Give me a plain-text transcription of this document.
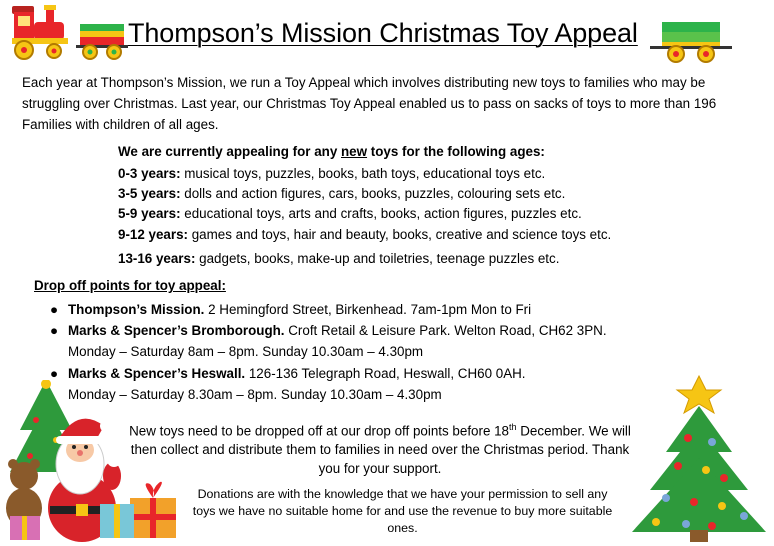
Thompson’s Mission Christmas Toy Appeal
Each year at Thompson’s Mission, we run a Toy Appeal which involves distributing new toys to families who may be struggling over Christmas. Last year, our Christmas Toy Appeal enabled us to pass on sacks of toys to more than 196 Families with children of all ages.
We are currently appealing for any new toys for the following ages:
0-3 years: musical toys, puzzles, books, bath toys, educational toys etc.
3-5 years: dolls and action figures, cars, books, puzzles, colouring sets etc.
5-9 years: educational toys, arts and crafts, books, action figures, puzzles etc.
9-12 years: games and toys, hair and beauty, books, creative and science toys etc.
13-16 years: gadgets, books, make-up and toiletries, teenage puzzles etc.
Drop off points for toy appeal:
● Thompson’s Mission. 2 Hemingford Street, Birkenhead. 7am-1pm Mon to Fri
● Marks & Spencer’s Bromborough. Croft Retail & Leisure Park. Welton Road, CH62 3PN. Monday – Saturday 8am – 8pm. Sunday 10.30am – 4.30pm
● Marks & Spencer’s Heswall. 126-136 Telegraph Road, Heswall, CH60 0AH. Monday – Saturday 8.30am – 8pm. Sunday 10.30am – 4.30pm
New toys need to be dropped off at our drop off points before 18th December. We will then collect and distribute them to families in need over the Christmas period. Thank you for your support.
Donations are with the knowledge that we have your permission to sell any toys we have no suitable home for and use the revenue to buy more suitable ones.
